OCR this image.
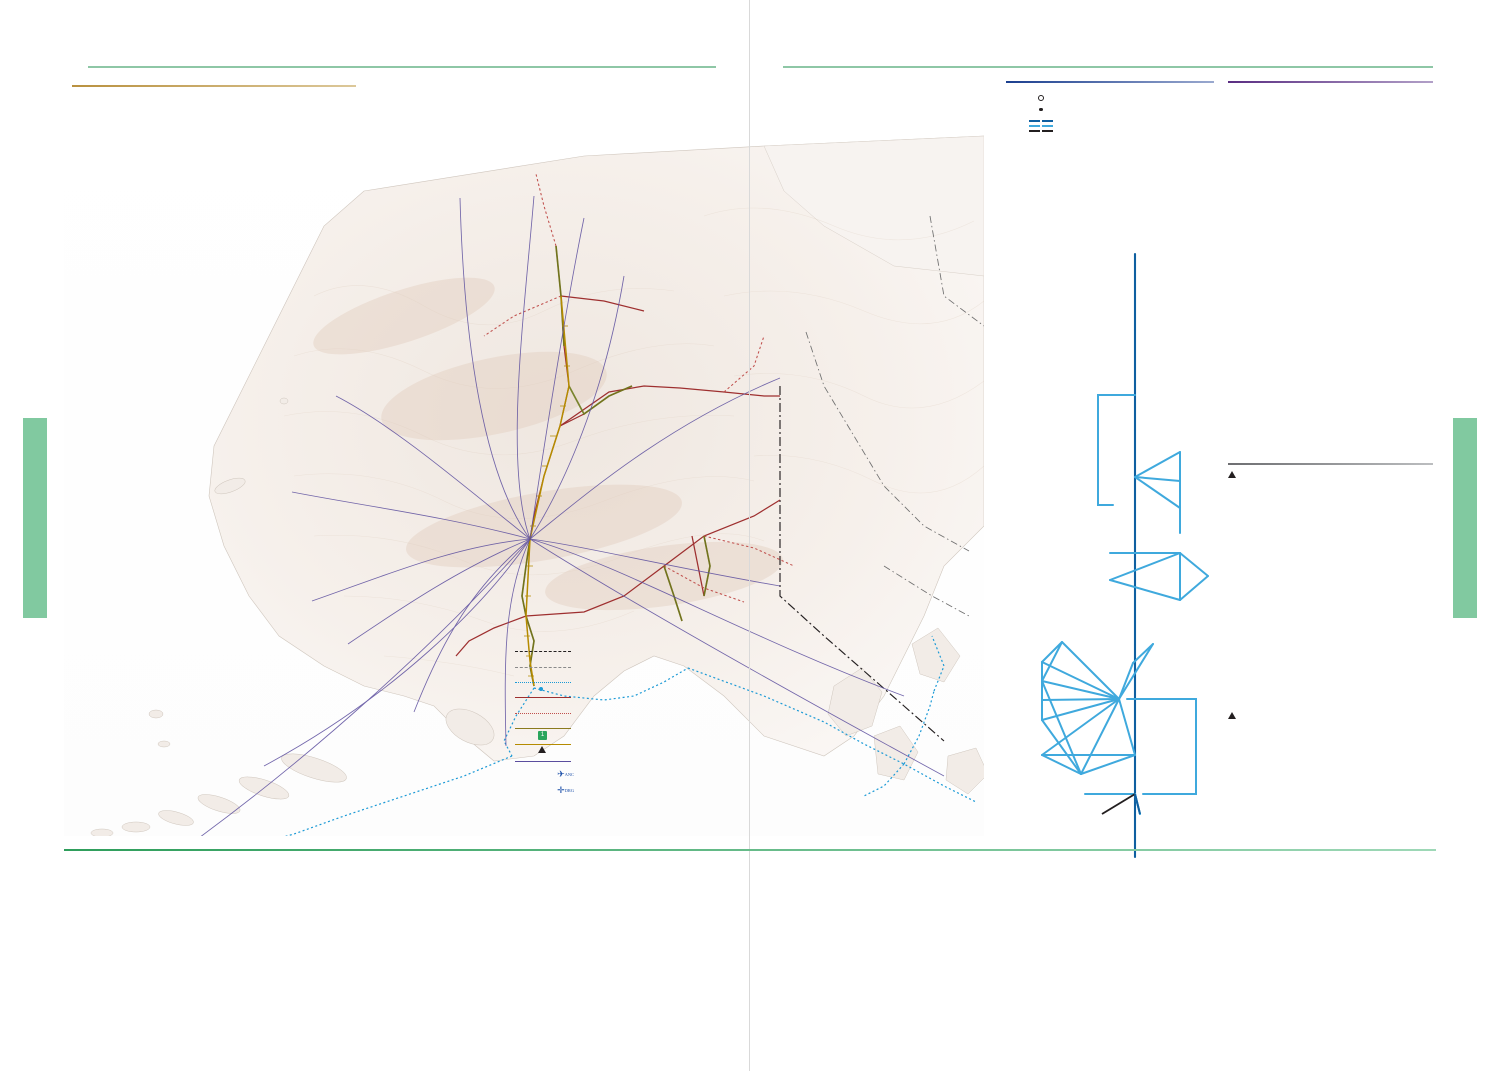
1
✈ ANC
✛ DRG
